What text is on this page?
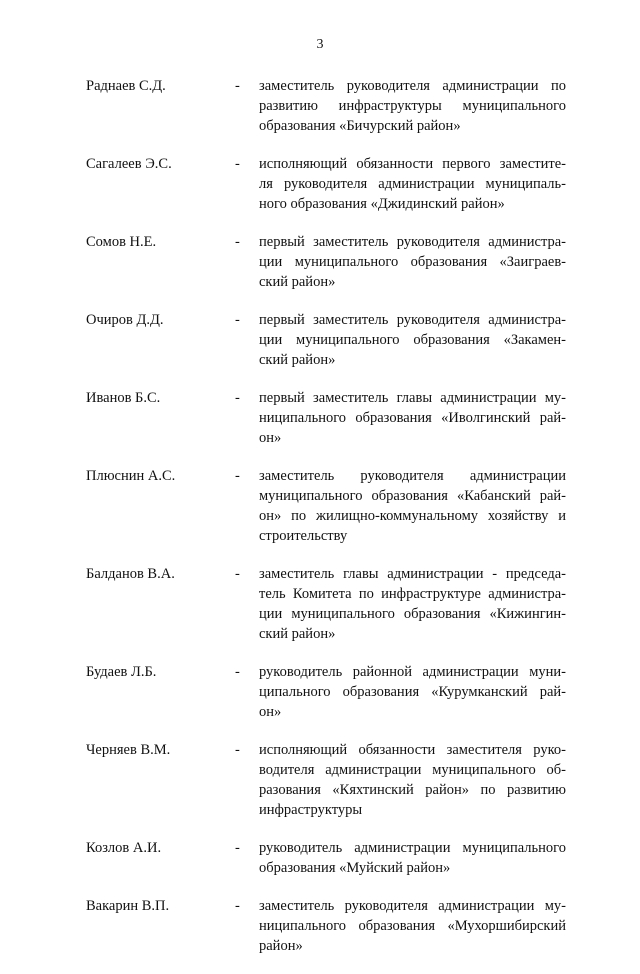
3
Раднаев С.Д.	- заместитель руководителя администрации по
развитию инфраструктуры муниципального
образования «Бичурский район»
Сагалеев Э.С.	- исполняющий обязанности первого заместите-
ля руководителя администрации муниципаль-
ного образования «Джидинский район»
Сомов Н.Е.	- первый заместитель руководителя администра-
ции муниципального образования «Заиграев-
ский район»
Очиров Д.Д.	- первый заместитель руководителя администра-
ции муниципального образования «Закамен-
ский район»
Иванов Б.С.	- первый заместитель главы администрации му-
ниципального образования «Иволгинский рай-
он»
Плюснин А.С.	- заместитель руководителя администрации
муниципального образования «Кабанский рай-
он» по жилищно-коммунальному хозяйству и
строительству
Балданов В.А.	- заместитель главы администрации - председа-
тель Комитета по инфраструктуре администра-
ции муниципального образования «Кижингин-
ский район»
Будаев Л.Б.	- руководитель районной администрации муни-
ципального образования «Курумканский рай-
он»
Черняев В.М.	- исполняющий обязанности заместителя руко-
водителя администрации муниципального об-
разования «Кяхтинский район» по развитию
инфраструктуры
Козлов А.И.	- руководитель администрации муниципального
образования «Муйский район»
Вакарин В.П.	- заместитель руководителя администрации му-
ниципального образования «Мухоршибирский
район»
